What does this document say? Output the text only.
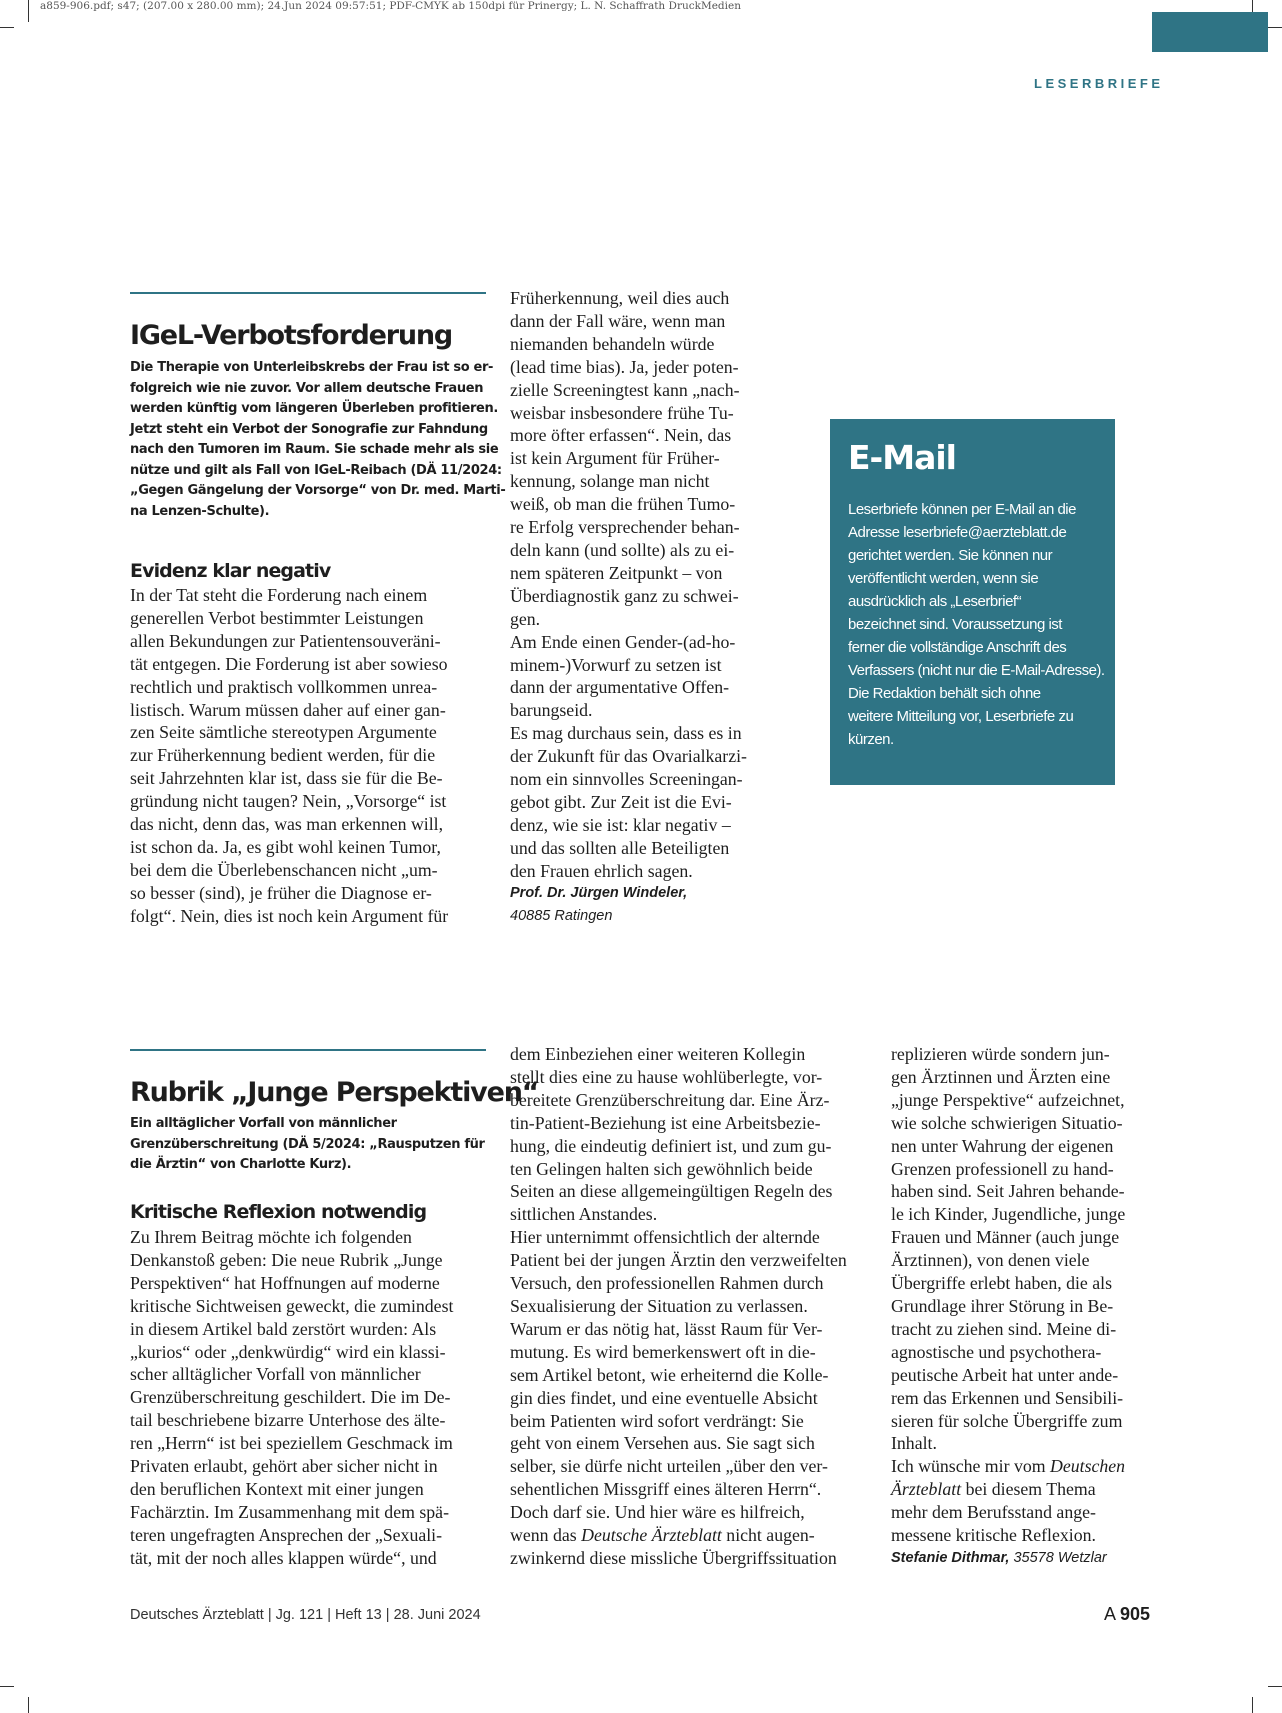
a859-906.pdf; s47; (207.00 x 280.00 mm); 24.Jun 2024 09:57:51; PDF-CMYK ab 150dpi für Prinergy; L. N. Schaffrath DruckMedien
LESERBRIEFE
IGeL-Verbotsforderung
Die Therapie von Unterleibskrebs der Frau ist so er-
folgreich wie nie zuvor. Vor allem deutsche Frauen
werden künftig vom längeren Überleben profitieren.
Jetzt steht ein Verbot der Sonografie zur Fahndung
nach den Tumoren im Raum. Sie schade mehr als sie
nütze und gilt als Fall von IGeL-Reibach (DÄ 11/2024:
„Gegen Gängelung der Vorsorge“ von Dr. med. Marti-
na Lenzen-Schulte).
Evidenz klar negativ
In der Tat steht die Forderung nach einem
generellen Verbot bestimmter Leistungen
allen Bekundungen zur Patientensouveräni-
tät entgegen. Die Forderung ist aber sowieso
rechtlich und praktisch vollkommen unrea-
listisch. Warum müssen daher auf einer gan-
zen Seite sämtliche stereotypen Argumente
zur Früherkennung bedient werden, für die
seit Jahrzehnten klar ist, dass sie für die Be-
gründung nicht taugen? Nein, „Vorsorge“ ist
das nicht, denn das, was man erkennen will,
ist schon da. Ja, es gibt wohl keinen Tumor,
bei dem die Überlebenschancen nicht „um-
so besser (sind), je früher die Diagnose er-
folgt“. Nein, dies ist noch kein Argument für
Früherkennung, weil dies auch
dann der Fall wäre, wenn man
niemanden behandeln würde
(lead time bias). Ja, jeder poten-
zielle Screeningtest kann „nach-
weisbar insbesondere frühe Tu-
more öfter erfassen“. Nein, das
ist kein Argument für Früher-
kennung, solange man nicht
weiß, ob man die frühen Tumo-
re Erfolg versprechender behan-
deln kann (und sollte) als zu ei-
nem späteren Zeitpunkt – von
Überdiagnostik ganz zu schwei-
gen.
Am Ende einen Gender-(ad-ho-
minem-)Vorwurf zu setzen ist
dann der argumentative Offen-
barungseid.
Es mag durchaus sein, dass es in
der Zukunft für das Ovarialkarzi-
nom ein sinnvolles Screeningan-
gebot gibt. Zur Zeit ist die Evi-
denz, wie sie ist: klar negativ –
und das sollten alle Beteiligten
den Frauen ehrlich sagen.
Prof. Dr. Jürgen Windeler,
40885 Ratingen
E-Mail
Leserbriefe können per E-Mail an die
Adresse leserbriefe@aerzteblatt.de
gerichtet werden. Sie können nur
veröffentlicht werden, wenn sie
ausdrücklich als „Leserbrief“
bezeichnet sind. Voraussetzung ist
ferner die vollständige Anschrift des
Verfassers (nicht nur die E-Mail-Adresse).
Die Redaktion behält sich ohne
weitere Mitteilung vor, Leserbriefe zu
kürzen.
Rubrik „Junge Perspektiven“
Ein alltäglicher Vorfall von männlicher
Grenzüberschreitung (DÄ 5/2024: „Rausputzen für
die Ärztin“ von Charlotte Kurz).
Kritische Reflexion notwendig
Zu Ihrem Beitrag möchte ich folgenden
Denkanstoß geben: Die neue Rubrik „Junge
Perspektiven“ hat Hoffnungen auf moderne
kritische Sichtweisen geweckt, die zumindest
in diesem Artikel bald zerstört wurden: Als
„kurios“ oder „denkwürdig“ wird ein klassi-
scher alltäglicher Vorfall von männlicher
Grenzüberschreitung geschildert. Die im De-
tail beschriebene bizarre Unterhose des älte-
ren „Herrn“ ist bei speziellem Geschmack im
Privaten erlaubt, gehört aber sicher nicht in
den beruflichen Kontext mit einer jungen
Fachärztin. Im Zusammenhang mit dem spä-
teren ungefragten Ansprechen der „Sexuali-
tät, mit der noch alles klappen würde“, und
dem Einbeziehen einer weiteren Kollegin
stellt dies eine zu hause wohlüberlegte, vor-
bereitete Grenzüberschreitung dar. Eine Ärz-
tin-Patient-Beziehung ist eine Arbeitsbezie-
hung, die eindeutig definiert ist, und zum gu-
ten Gelingen halten sich gewöhnlich beide
Seiten an diese allgemeingültigen Regeln des
sittlichen Anstandes.
Hier unternimmt offensichtlich der alternde
Patient bei der jungen Ärztin den verzweifelten
Versuch, den professionellen Rahmen durch
Sexualisierung der Situation zu verlassen.
Warum er das nötig hat, lässt Raum für Ver-
mutung. Es wird bemerkenswert oft in die-
sem Artikel betont, wie erheiternd die Kolle-
gin dies findet, und eine eventuelle Absicht
beim Patienten wird sofort verdrängt: Sie
geht von einem Versehen aus. Sie sagt sich
selber, sie dürfe nicht urteilen „über den ver-
sehentlichen Missgriff eines älteren Herrn“.
Doch darf sie. Und hier wäre es hilfreich,
wenn das Deutsche Ärzteblatt nicht augen-
zwinkernd diese missliche Übergriffssituation
replizieren würde sondern jun-
gen Ärztinnen und Ärzten eine
„junge Perspektive“ aufzeichnet,
wie solche schwierigen Situatio-
nen unter Wahrung der eigenen
Grenzen professionell zu hand-
haben sind. Seit Jahren behande-
le ich Kinder, Jugendliche, junge
Frauen und Männer (auch junge
Ärztinnen), von denen viele
Übergriffe erlebt haben, die als
Grundlage ihrer Störung in Be-
tracht zu ziehen sind. Meine di-
agnostische und psychothera-
peutische Arbeit hat unter ande-
rem das Erkennen und Sensibili-
sieren für solche Übergriffe zum
Inhalt.
Ich wünsche mir vom Deutschen
Ärzteblatt bei diesem Thema
mehr dem Berufsstand ange-
messene kritische Reflexion.
Stefanie Dithmar, 35578 Wetzlar
Deutsches Ärzteblatt | Jg. 121 | Heft 13 | 28. Juni 2024	A 905
